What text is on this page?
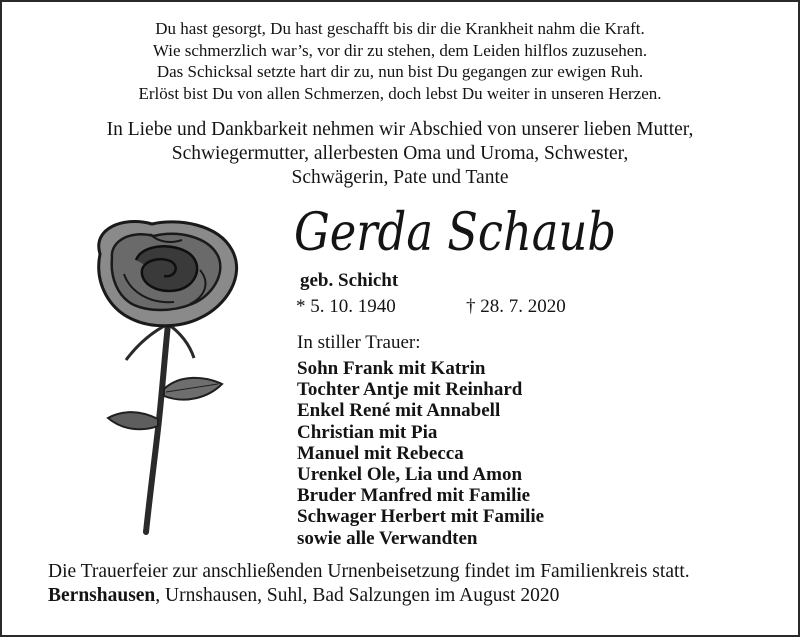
Du hast gesorgt, Du hast geschafft bis dir die Krankheit nahm die Kraft.
Wie schmerzlich war’s, vor dir zu stehen, dem Leiden hilflos zuzusehen.
Das Schicksal setzte hart dir zu, nun bist Du gegangen zur ewigen Ruh.
Erlöst bist Du von allen Schmerzen, doch lebst Du weiter in unseren Herzen.
In Liebe und Dankbarkeit nehmen wir Abschied von unserer lieben Mutter,
Schwiegermutter, allerbesten Oma und Uroma, Schwester,
Schwägerin, Pate und Tante
Gerda Schaub
geb. Schicht
* 5. 10. 1940	† 28. 7. 2020
In stiller Trauer:
Sohn Frank mit Katrin
Tochter Antje mit Reinhard
Enkel René mit Annabell
Christian mit Pia
Manuel mit Rebecca
Urenkel Ole, Lia und Amon
Bruder Manfred mit Familie
Schwager Herbert mit Familie
sowie alle Verwandten
Die Trauerfeier zur anschließenden Urnenbeisetzung findet im Familienkreis statt.
Bernshausen, Urnshausen, Suhl, Bad Salzungen im August 2020
